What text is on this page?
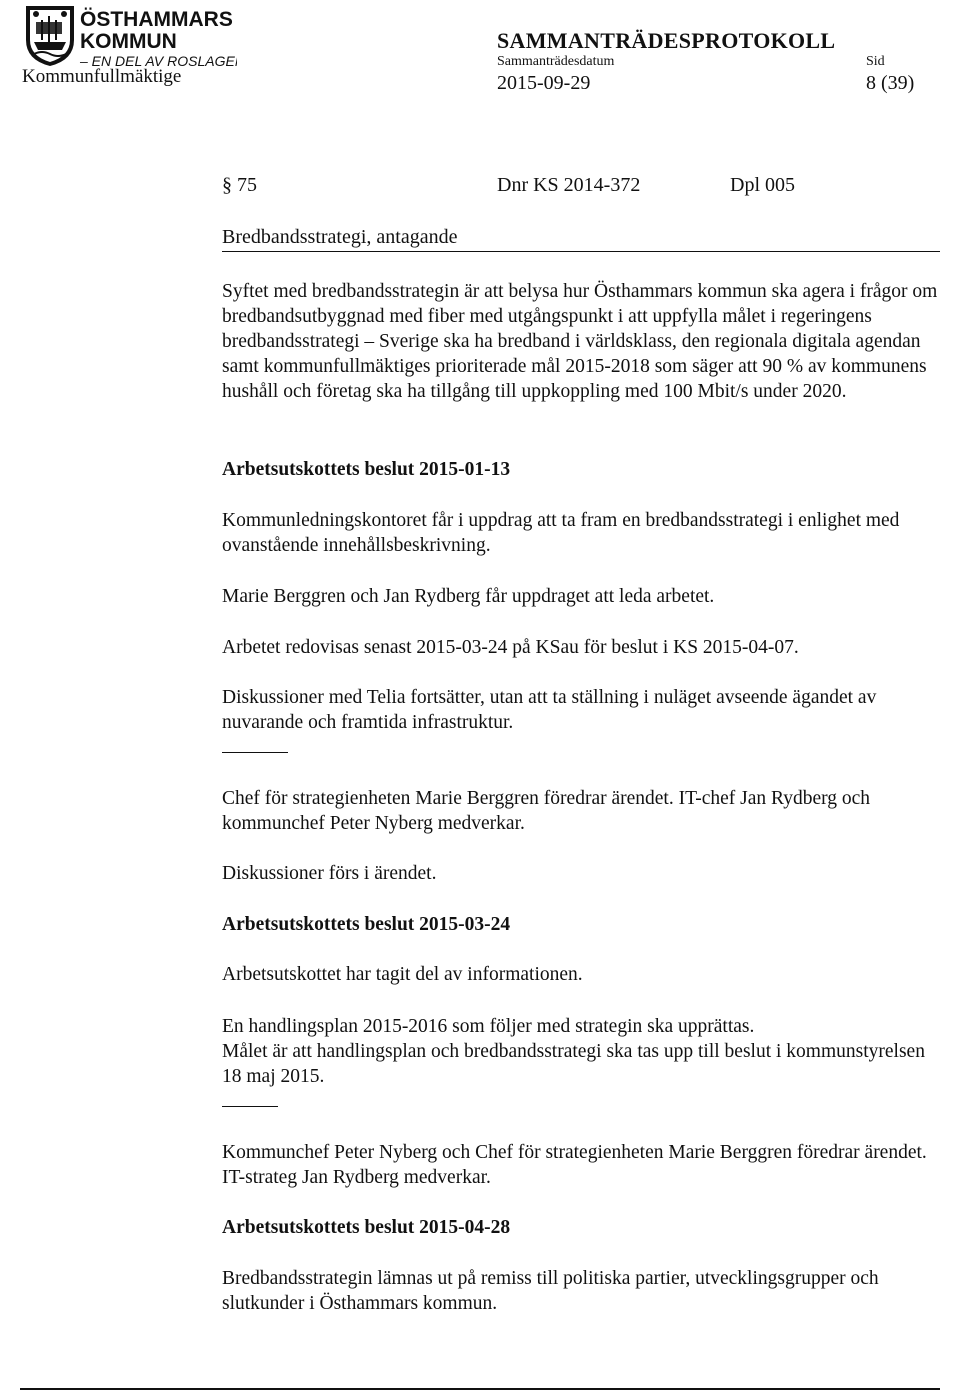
ÖSTHAMMARS
KOMMUN
– EN DEL AV ROSLAGEN
Kommunfullmäktige
SAMMANTRÄDESPROTOKOLL
Sammanträdesdatum	Sid
2015-09-29	8 (39)
§ 75	Dnr KS 2014-372	Dpl 005
Bredbandsstrategi, antagande

Syftet med bredbandsstrategin är att belysa hur Östhammars kommun ska agera i frågor om bredbandsutbyggnad med fiber med utgångspunkt i att uppfylla målet i regeringens bredbandsstrategi – Sverige ska ha bredband i världsklass, den regionala digitala agendan samt kommunfullmäktiges prioriterade mål 2015-2018 som säger att 90 % av kommunens hushåll och företag ska ha tillgång till uppkoppling med 100 Mbit/s under 2020.

Arbetsutskottets beslut 2015-01-13

Kommunledningskontoret får i uppdrag att ta fram en bredbandsstrategi i enlighet med ovanstående innehållsbeskrivning.

Marie Berggren och Jan Rydberg får uppdraget att leda arbetet.

Arbetet redovisas senast 2015-03-24 på KSau för beslut i KS 2015-04-07.

Diskussioner med Telia fortsätter, utan att ta ställning i nuläget avseende ägandet av nuvarande och framtida infrastruktur.

Chef för strategienheten Marie Berggren föredrar ärendet. IT-chef Jan Rydberg och kommunchef Peter Nyberg medverkar.

Diskussioner förs i ärendet.

Arbetsutskottets beslut 2015-03-24

Arbetsutskottet har tagit del av informationen.

En handlingsplan 2015-2016 som följer med strategin ska upprättas.

Målet är att handlingsplan och bredbandsstrategi ska tas upp till beslut i kommunstyrelsen 18 maj 2015.

Kommunchef Peter Nyberg och Chef för strategienheten Marie Berggren föredrar ärendet. IT-strateg Jan Rydberg medverkar.

Arbetsutskottets beslut 2015-04-28

Bredbandsstrategin lämnas ut på remiss till politiska partier, utvecklingsgrupper och slutkunder i Östhammars kommun.
